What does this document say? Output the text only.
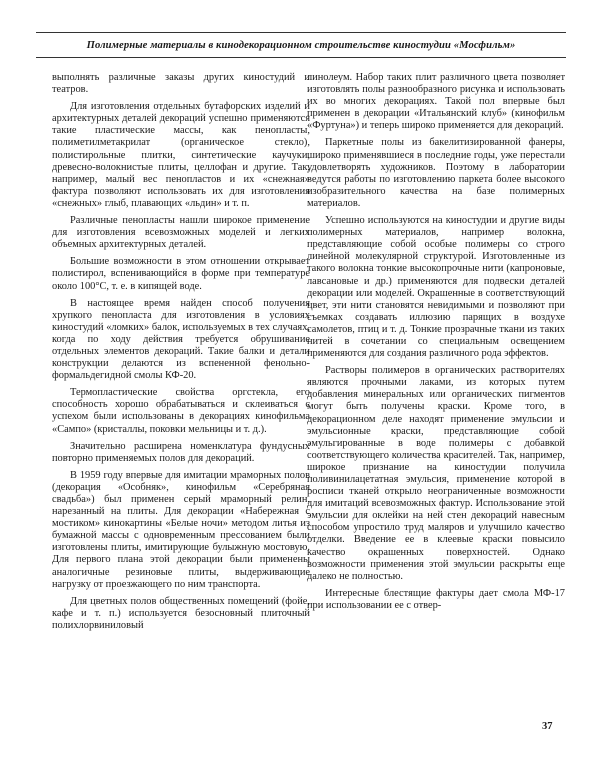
Полимерные материалы в кинодекорационном строительстве киностудии «Мосфильм»

выполнять различные заказы других киностудий и театров.

Для изготовления отдельных бутафорских изделий и архитектурных деталей декораций успешно применяются такие пластические массы, как пенопласты, полиметилметакрилат (органическое стекло), полистирольные плитки, синтетические каучуки, древесно-волокнистые плиты, целлофан и другие. Так, например, малый вес пенопластов и их «снежная» фактура позволяют использовать их для изготовления «снежных» глыб, плавающих «льдин» и т. п.

Различные пенопласты нашли широкое применение для изготовления всевозможных моделей и легких объемных архитектурных деталей.

Большие возможности в этом отношении открывает полистирол, вспенивающийся в форме при температуре около 100°С, т. е. в кипящей воде.

В настоящее время найден способ получения хрупкого пенопласта для изготовления в условиях киностудий «ломких» балок, используемых в тех случаях, когда по ходу действия требуется обрушивание отдельных элементов декораций. Такие балки и детали конструкции делаются из вспененной фенольно-формальдегидной смолы КФ-20.

Термопластические свойства оргстекла, его способность хорошо обрабатываться и склеиваться с успехом были использованы в декорациях кинофильма «Сампо» (кристаллы, поковки мельницы и т. д.).

Значительно расширена номенклатура фундусных повторно применяемых полов для декораций.

В 1959 году впервые для имитации мраморных полов (декорация «Особняк», кинофильм «Серебряная свадьба») был применен серый мраморный релин, нарезанный на плиты. Для декорации «Набережная с мостиком» кинокартины «Белые ночи» методом литья из бумажной массы с одновременным прессованием были изготовлены плиты, имитирующие булыжную мостовую. Для первого плана этой декорации были применены аналогичные резиновые плиты, выдерживающие нагрузку от проезжающего по ним транспорта.

Для цветных полов общественных помещений (фойе, кафе и т. п.) используется безосновный плиточный полихлорвиниловый

линолеум. Набор таких плит различного цвета позволяет изготовлять полы разнообразного рисунка и использовать их во многих декорациях. Такой пол впервые был применен в декорации «Итальянский клуб» (кинофильм «Фуртуна») и теперь широко применяется для декораций.

Паркетные полы из бакелитизированной фанеры, широко применявшиеся в последние годы, уже перестали удовлетворять художников. Поэтому в лаборатории ведутся работы по изготовлению паркета более высокого изобразительного качества на базе полимерных материалов.

Успешно используются на киностудии и другие виды полимерных материалов, например волокна, представляющие собой особые полимеры со строго линейной молекулярной структурой. Изготовленные из такого волокна тонкие высокопрочные нити (капроновые, лавсановые и др.) применяются для подвески деталей декорации или моделей. Окрашенные в соответствующий цвет, эти нити становятся невидимыми и позволяют при съемках создавать иллюзию парящих в воздухе самолетов, птиц и т. д. Тонкие прозрачные ткани из таких нитей в сочетании со специальным освещением применяются для создания различного рода эффектов.

Растворы полимеров в органических растворителях являются прочными лаками, из которых путем добавления минеральных или органических пигментов могут быть получены краски. Кроме того, в декорационном деле находят применение эмульсии и эмульсионные краски, представляющие собой эмульгированные в воде полимеры с добавкой соответствующего количества красителей. Так, например, широкое признание на киностудии получила поливинилацетатная эмульсия, применение которой в росписи тканей открыло неограниченные возможности для имитаций всевозможных фактур. Использование этой эмульсии для оклейки на ней стен декораций навесным способом упростило труд маляров и улучшило качество отделки. Введение ее в клеевые краски повысило качество окрашенных поверхностей. Однако возможности применения этой эмульсии раскрыты еще далеко не полностью.

Интересные блестящие фактуры дает смола МФ-17 при использовании ее с отвер-

37
